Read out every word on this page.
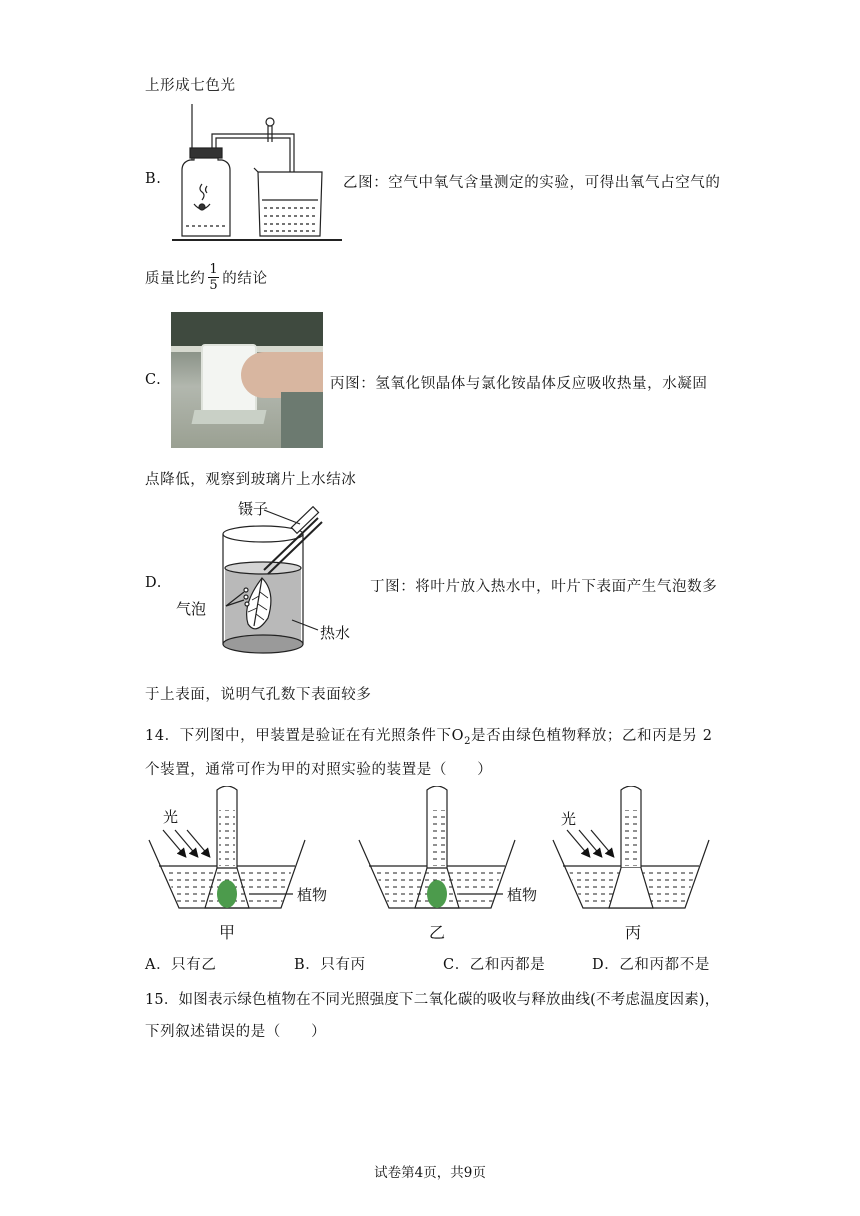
上形成七色光
B.	乙图：空气中氧气含量测定的实验，可得出氧气占空气的
质量比约 $\frac{1}{5}$ 的结论
C.	丙图：氢氧化钡晶体与氯化铵晶体反应吸收热量，水凝固
点降低，观察到玻璃片上水结冰
镊子
气泡
热水
D.	丁图：将叶片放入热水中，叶片下表面产生气泡数多
于上表面，说明气孔数下表面较多
14．下列图中，甲装置是验证在有光照条件下$O_2$是否由绿色植物释放；乙和丙是另 2
个装置，通常可作为甲的对照实验的装置是（　　）
光
植物
甲
植物
乙
光
丙
A．只有乙	B．只有丙	C．乙和丙都是	D．乙和丙都不是
15．如图表示绿色植物在不同光照强度下二氧化碳的吸收与释放曲线(不考虑温度因素)，
下列叙述错误的是（　　）
试卷第4页，共9页
